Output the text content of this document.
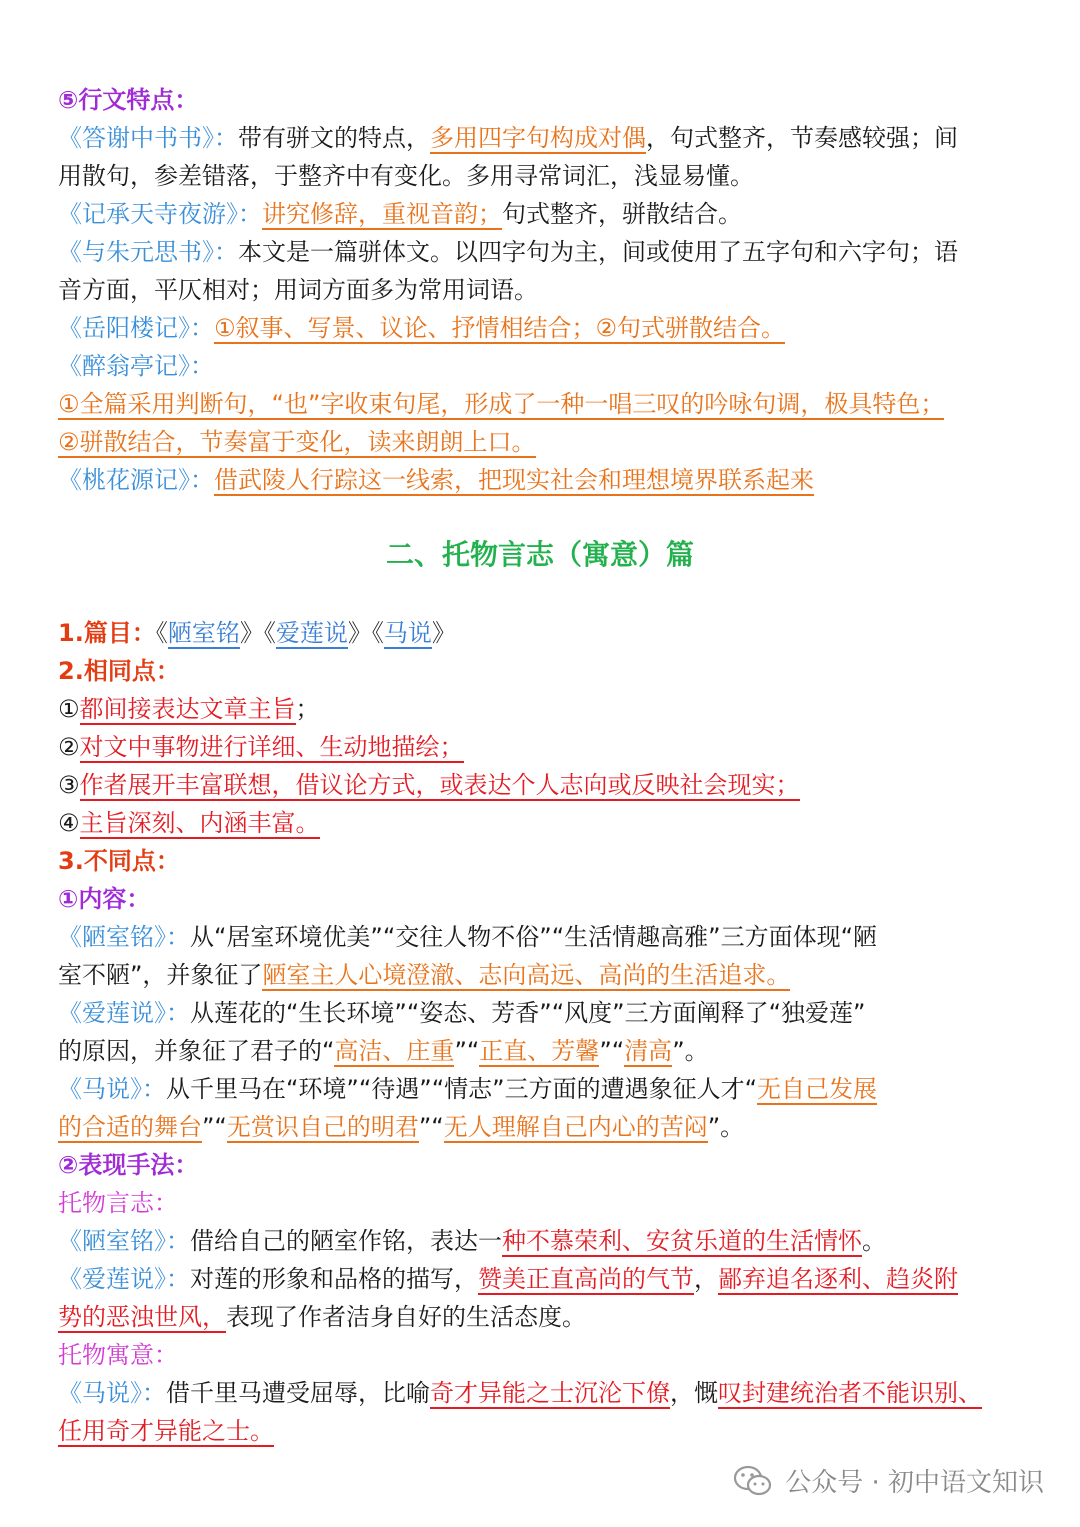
⑤行文特点：
《答谢中书书》：带有骈文的特点，多用四字句构成对偶，句式整齐，节奏感较强；间
用散句，参差错落，于整齐中有变化。多用寻常词汇，浅显易懂。
《记承天寺夜游》：讲究修辞，重视音韵；句式整齐，骈散结合。
《与朱元思书》：本文是一篇骈体文。以四字句为主，间或使用了五字句和六字句；语
音方面，平仄相对；用词方面多为常用词语。
《岳阳楼记》：①叙事、写景、议论、抒情相结合；②句式骈散结合。
《醉翁亭记》：
①全篇采用判断句，“也”字收束句尾，形成了一种一唱三叹的吟咏句调，极具特色；
②骈散结合，节奏富于变化，读来朗朗上口。
《桃花源记》：借武陵人行踪这一线索，把现实社会和理想境界联系起来
二、托物言志（寓意）篇
1.篇目：《陋室铭》《爱莲说》《马说》
2.相同点：
①都间接表达文章主旨；
②对文中事物进行详细、生动地描绘；
③作者展开丰富联想，借议论方式，或表达个人志向或反映社会现实；
④主旨深刻、内涵丰富。
3.不同点：
①内容：
《陋室铭》：从“居室环境优美”“交往人物不俗”“生活情趣高雅”三方面体现“陋
室不陋”，并象征了陋室主人心境澄澈、志向高远、高尚的生活追求。
《爱莲说》：从莲花的“生长环境”“姿态、芳香”“风度”三方面阐释了“独爱莲”
的原因，并象征了君子的“高洁、庄重”“正直、芳馨”“清高”。
《马说》：从千里马在“环境”“待遇”“情志”三方面的遭遇象征人才“无自己发展
的合适的舞台”“无赏识自己的明君”“无人理解自己内心的苦闷”。
②表现手法：
托物言志：
《陋室铭》：借给自己的陋室作铭，表达一种不慕荣利、安贫乐道的生活情怀。
《爱莲说》：对莲的形象和品格的描写，赞美正直高尚的气节，鄙弃追名逐利、趋炎附
势的恶浊世风，表现了作者洁身自好的生活态度。
托物寓意：
《马说》：借千里马遭受屈辱，比喻奇才异能之士沉沦下僚，慨叹封建统治者不能识别、
任用奇才异能之士。
公众号 · 初中语文知识
